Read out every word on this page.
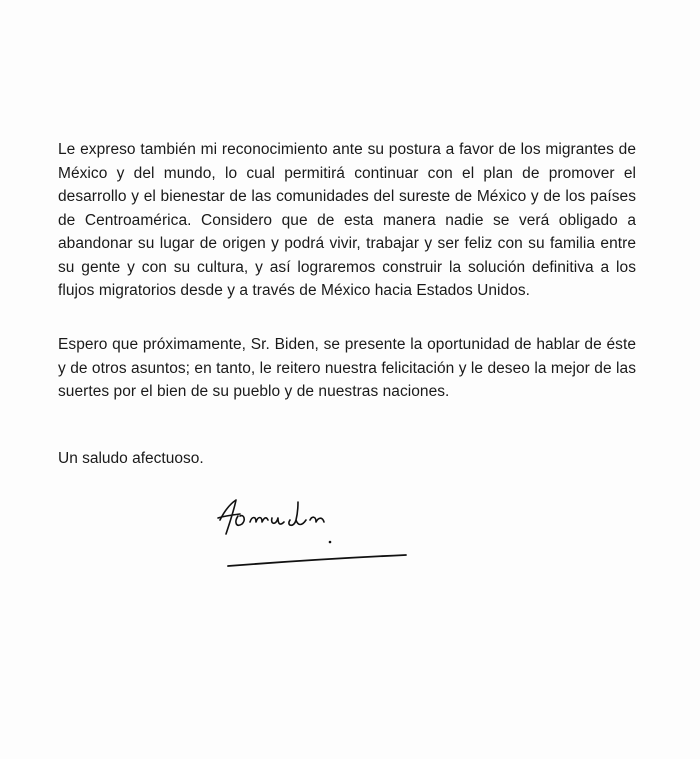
Le expreso también mi reconocimiento ante su postura a favor de los migrantes de México y del mundo, lo cual permitirá continuar con el plan de promover el desarrollo y el bienestar de las comunidades del sureste de México y de los países de Centroamérica. Considero que de esta manera nadie se verá obligado a abandonar su lugar de origen y podrá vivir, trabajar y ser feliz con su familia entre su gente y con su cultura, y así lograremos construir la solución definitiva a los flujos migratorios desde y a través de México hacia Estados Unidos.

Espero que próximamente, Sr. Biden, se presente la oportunidad de hablar de éste y de otros asuntos; en tanto, le reitero nuestra felicitación y le deseo la mejor de las suertes por el bien de su pueblo y de nuestras naciones.

Un saludo afectuoso.
